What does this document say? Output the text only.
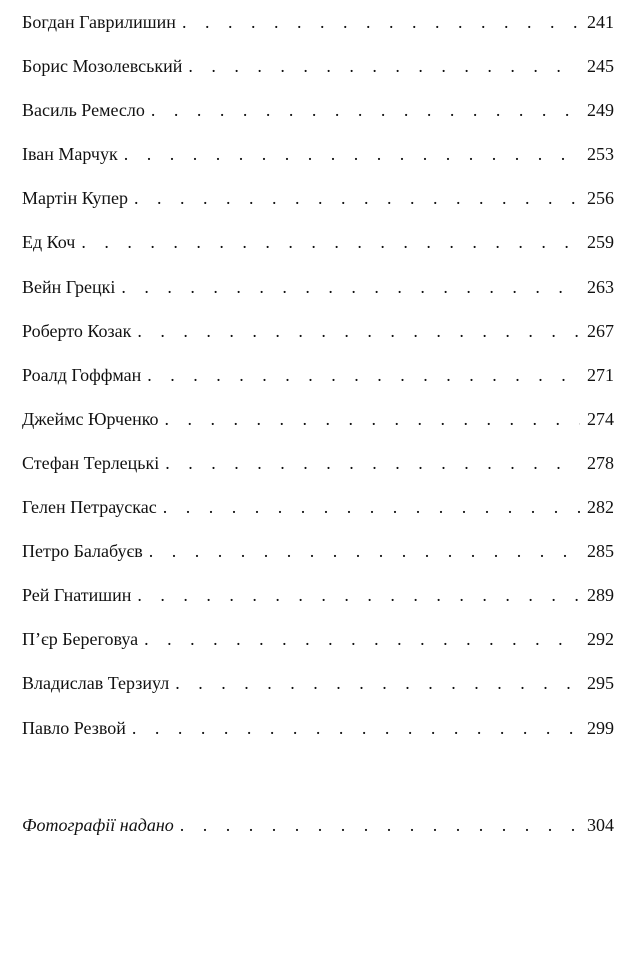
Богдан Гаврилишин . . .	241
Борис Мозолевський . . .	245
Василь Ремесло . . .	249
Іван Марчук . . .	253
Мартін Купер . . .	256
Ед Коч . . .	259
Вейн Грецкі . . .	263
Роберто Козак . . .	267
Роалд Гоффман . . .	271
Джеймс Юрченко . . .	274
Стефан Терлецькі . . .	278
Гелен Петраускас . . .	282
Петро Балабуєв . . .	285
Рей Гнатишин . . .	289
П’єр Береговуа . . .	292
Владислав Терзиул . . .	295
Павло Резвой . . .	299
Фотографії надано . . .	304
